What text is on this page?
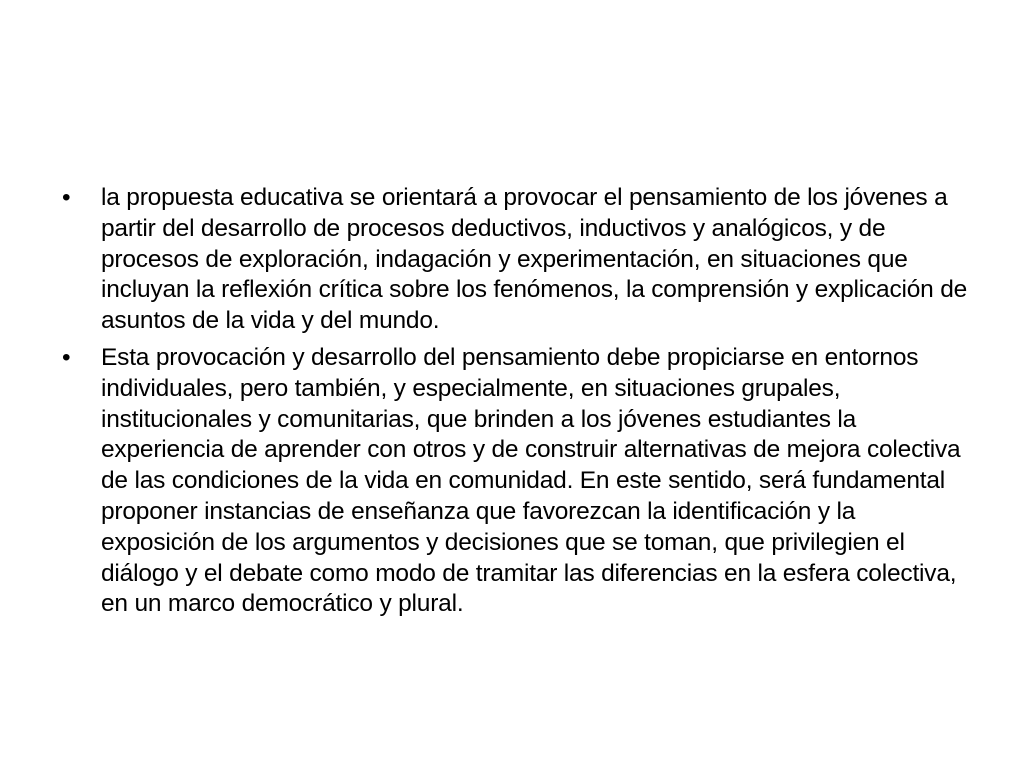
•	la propuesta educativa se orientará a provocar el pensamiento de los jóvenes a partir del desarrollo de procesos deductivos, inductivos y analógicos, y de procesos de exploración, indagación y experimentación, en situaciones que incluyan la reflexión crítica sobre los fenómenos, la comprensión y explicación de asuntos de la vida y del mundo.
•	Esta provocación y desarrollo del pensamiento debe propiciarse en entornos individuales, pero también, y especialmente, en situaciones grupales, institucionales y comunitarias, que brinden a los jóvenes estudiantes la experiencia de aprender con otros y de construir alternativas de mejora colectiva de las condiciones de la vida en comunidad. En este sentido, será fundamental proponer instancias de enseñanza que favorezcan la identificación y la exposición de los argumentos y decisiones que se toman, que privilegien el diálogo y el debate como modo de tramitar las diferencias en la esfera colectiva, en un marco democrático y plural.
